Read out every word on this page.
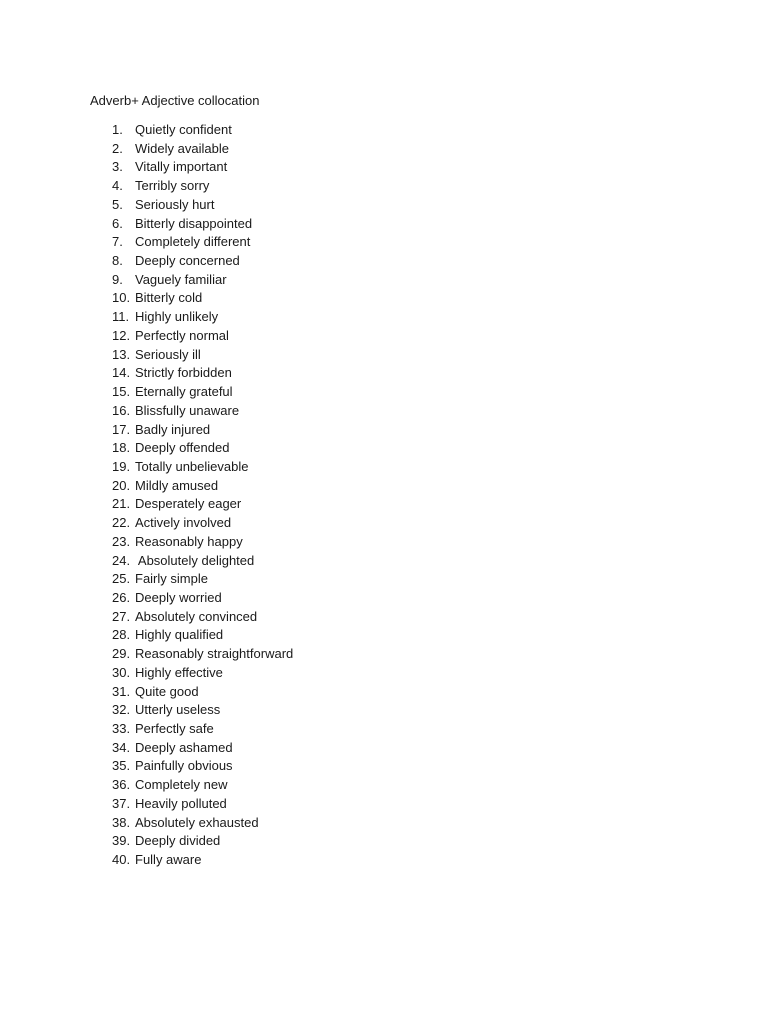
Adverb+ Adjective collocation
1. Quietly confident
2. Widely available
3. Vitally important
4. Terribly sorry
5. Seriously hurt
6. Bitterly disappointed
7. Completely different
8. Deeply concerned
9. Vaguely familiar
10. Bitterly cold
11. Highly unlikely
12. Perfectly normal
13. Seriously ill
14. Strictly forbidden
15. Eternally grateful
16. Blissfully unaware
17. Badly injured
18. Deeply offended
19. Totally unbelievable
20. Mildly amused
21. Desperately eager
22. Actively involved
23. Reasonably happy
24. Absolutely delighted
25. Fairly simple
26. Deeply worried
27. Absolutely convinced
28. Highly qualified
29. Reasonably straightforward
30. Highly effective
31. Quite good
32. Utterly useless
33. Perfectly safe
34. Deeply ashamed
35. Painfully obvious
36. Completely new
37. Heavily polluted
38. Absolutely exhausted
39. Deeply divided
40. Fully aware
